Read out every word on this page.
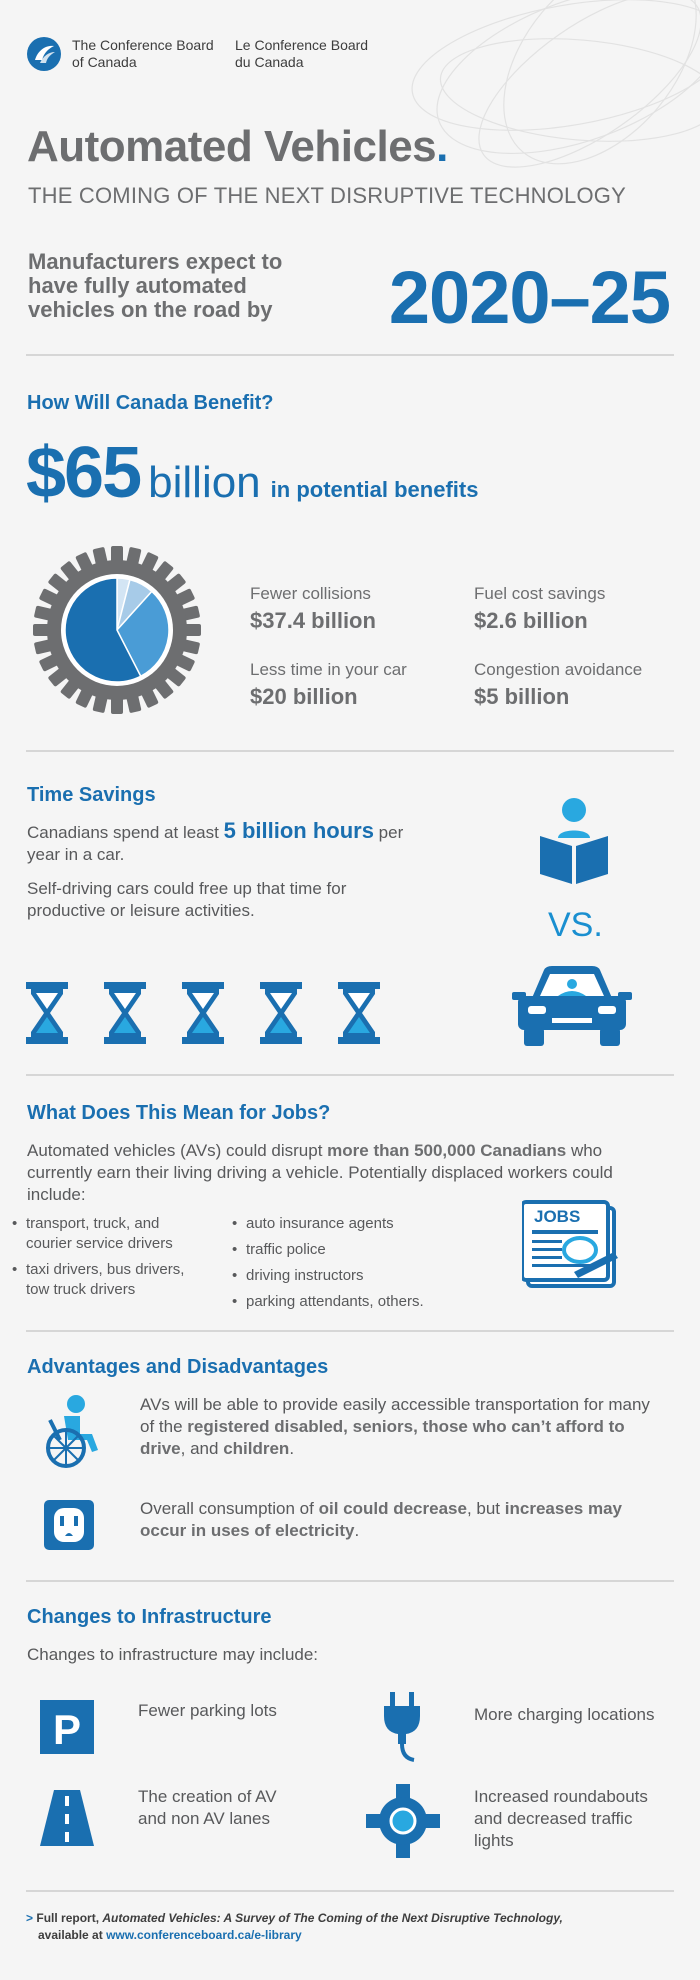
The Conference Board of Canada
Le Conference Board du Canada
Automated Vehicles.
THE COMING OF THE NEXT DISRUPTIVE TECHNOLOGY
Manufacturers expect to have fully automated vehicles on the road by	2020–25
How Will Canada Benefit?
$65 billion in potential benefits
Fewer collisions
$37.4 billion
Fuel cost savings
$2.6 billion
Less time in your car
$20 billion
Congestion avoidance
$5 billion
Time Savings
Canadians spend at least 5 billion hours per year in a car.
Self-driving cars could free up that time for productive or leisure activities.	VS.
What Does This Mean for Jobs?
Automated vehicles (AVs) could disrupt more than 500,000 Canadians who currently earn their living driving a vehicle. Potentially displaced workers could include:
• transport, truck, and courier service drivers
• taxi drivers, bus drivers, tow truck drivers
• auto insurance agents
• traffic police
• driving instructors
• parking attendants, others.
JOBS
Advantages and Disadvantages
AVs will be able to provide easily accessible transportation for many of the registered disabled, seniors, those who can’t afford to drive, and children.
Overall consumption of oil could decrease, but increases may occur in uses of electricity.
Changes to Infrastructure
Changes to infrastructure may include:
P	Fewer parking lots	More charging locations
The creation of AV and non AV lanes
Increased roundabouts and decreased traffic lights
> Full report, Automated Vehicles: A Survey of The Coming of the Next Disruptive Technology,
available at www.conferenceboard.ca/e-library
